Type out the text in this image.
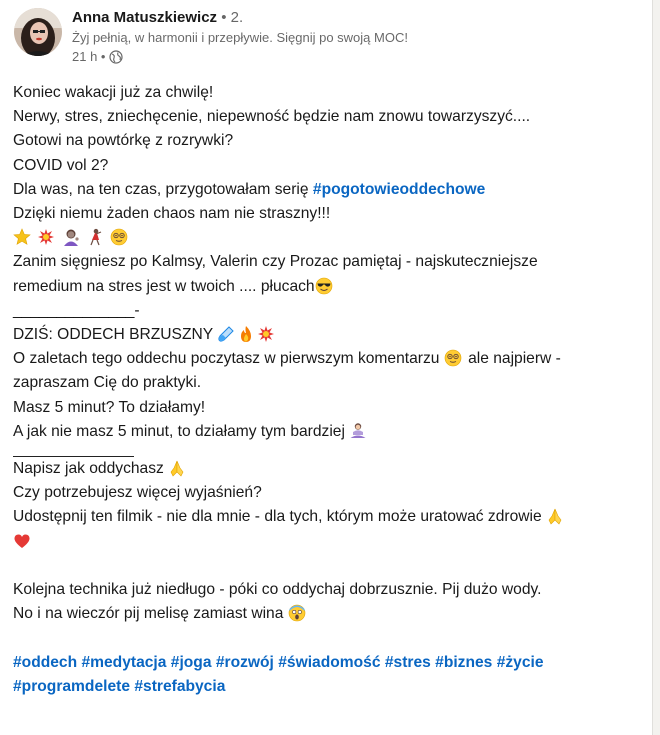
Anna Matuszkiewicz • 2.
Żyj pełnią, w harmonii i przepływie. Sięgnij po swoją MOC!
21 h •
Koniec wakacji już za chwilę!
Nerwy, stres, zniechęcenie, niepewność będzie nam znowu towarzyszyć....
Gotowi na powtórkę z rozrywki?
COVID vol 2?
Dla was, na ten czas, przygotowałam serię #pogotowieoddechowe
Dzięki niemu żaden chaos nam nie straszny!!!

Zanim sięgniesz po Kalmsy, Valerin czy Prozac pamiętaj - najskuteczniejsze
remedium na stres jest w twoich .... płucach
______________-
DZIŚ: ODDECH BRZUSZNY
O zaletach tego oddechu poczytasz w pierwszym komentarzu  ale najpierw -
zapraszam Cię do praktyki.
Masz 5 minut? To działamy!
A jak nie masz 5 minut, to działamy tym bardziej
Napisz jak oddychasz
Czy potrzebujesz więcej wyjaśnień?
Udostępnij ten filmik - nie dla mnie - dla tych, którym może uratować zdrowie
Kolejna technika już niedługo - póki co oddychaj dobrzusznie. Pij dużo wody.
No i na wieczór pij melisę zamiast wina
#oddech #medytacja #joga #rozwój #świadomość #stres #biznes #życie
#programdelete #strefabycia
